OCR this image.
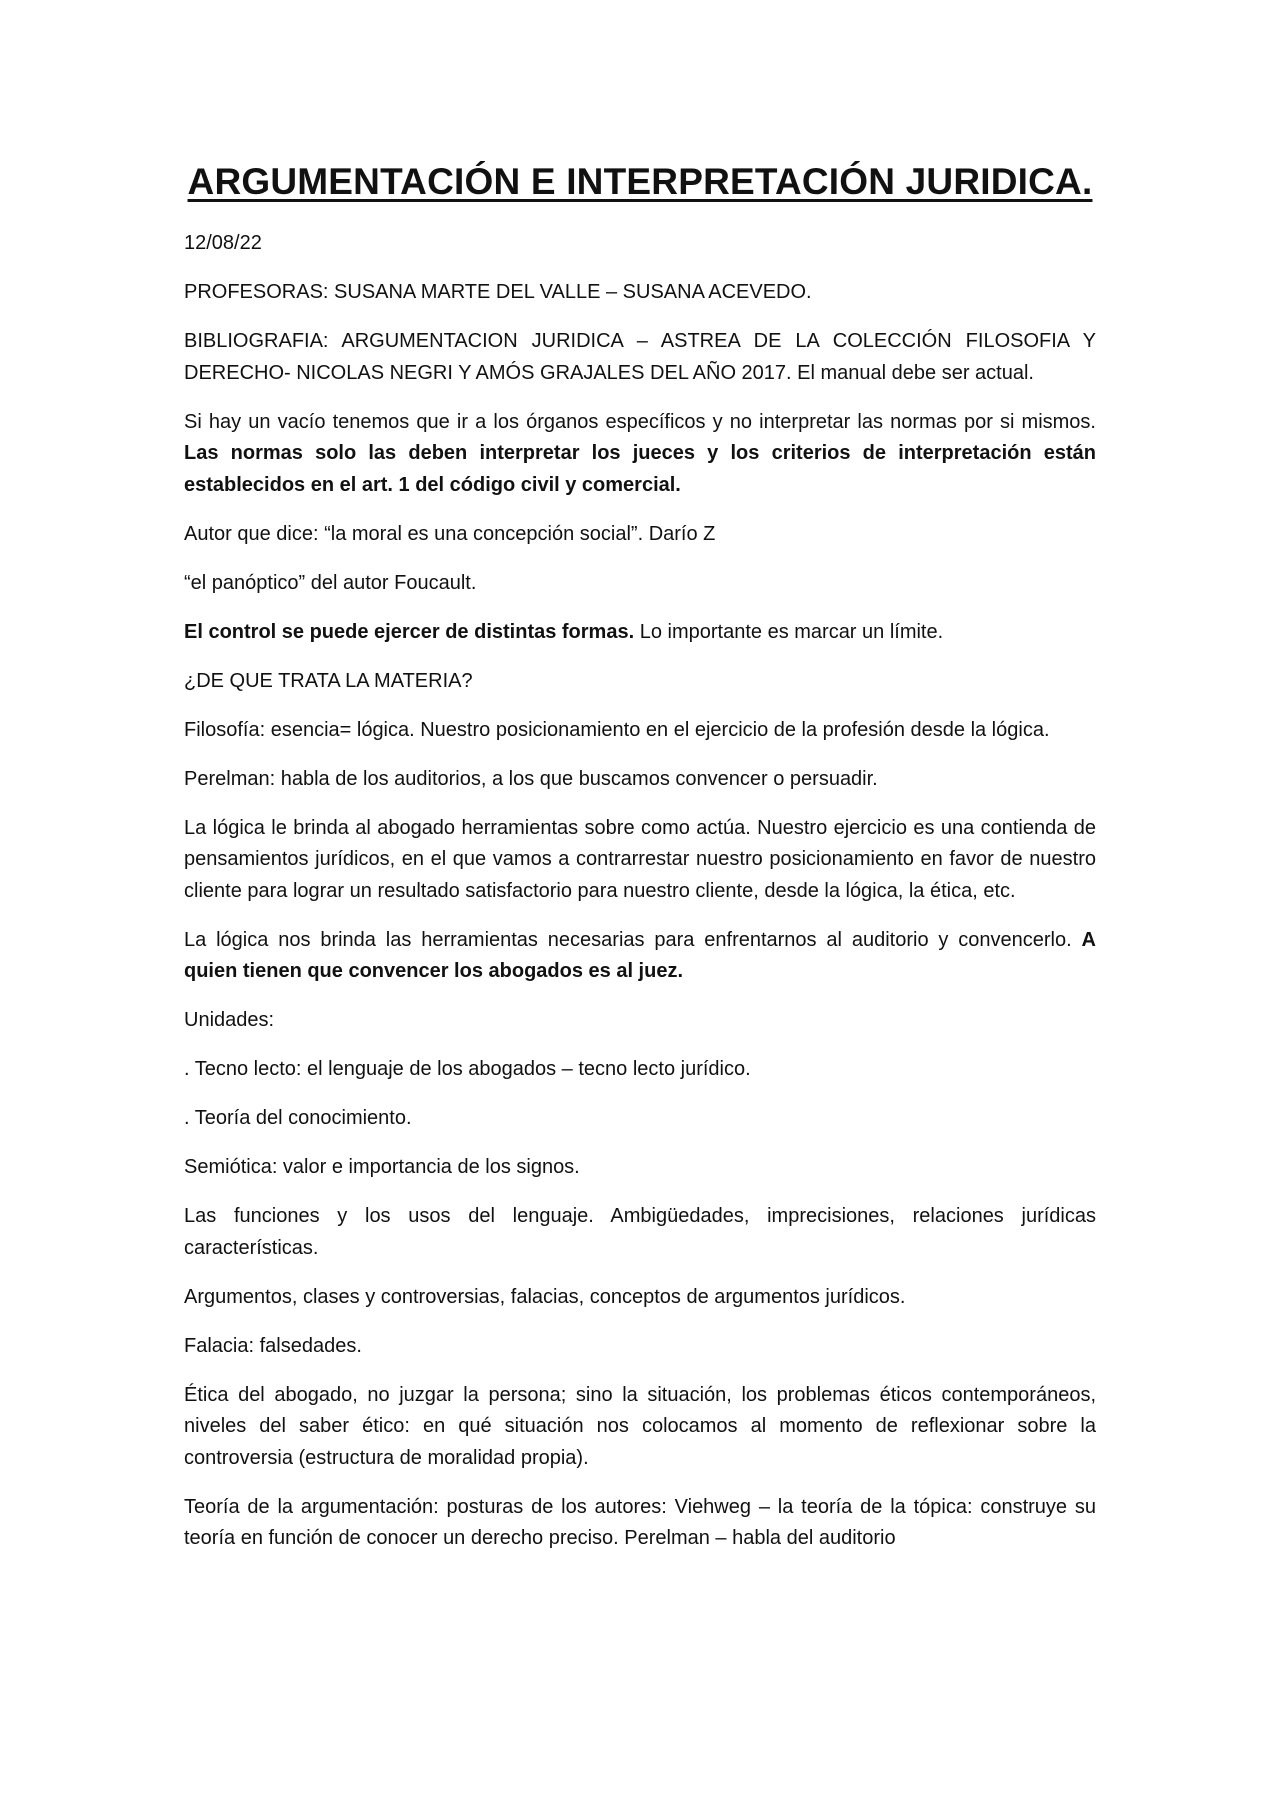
ARGUMENTACIÓN E INTERPRETACIÓN JURIDICA.

12/08/22

PROFESORAS: SUSANA MARTE DEL VALLE – SUSANA ACEVEDO.

BIBLIOGRAFIA: ARGUMENTACION JURIDICA – ASTREA DE LA COLECCIÓN FILOSOFIA Y DERECHO- NICOLAS NEGRI Y AMÓS GRAJALES DEL AÑO 2017. El manual debe ser actual.

Si hay un vacío tenemos que ir a los órganos específicos y no interpretar las normas por si mismos. Las normas solo las deben interpretar los jueces y los criterios de interpretación están establecidos en el art. 1 del código civil y comercial.

Autor que dice: “la moral es una concepción social”. Darío Z

“el panóptico” del autor Foucault.

El control se puede ejercer de distintas formas. Lo importante es marcar un límite.

¿DE QUE TRATA LA MATERIA?

Filosofía: esencia= lógica. Nuestro posicionamiento en el ejercicio de la profesión desde la lógica.

Perelman: habla de los auditorios, a los que buscamos convencer o persuadir.

La lógica le brinda al abogado herramientas sobre como actúa. Nuestro ejercicio es una contienda de pensamientos jurídicos, en el que vamos a contrarrestar nuestro posicionamiento en favor de nuestro cliente para lograr un resultado satisfactorio para nuestro cliente, desde la lógica, la ética, etc.

La lógica nos brinda las herramientas necesarias para enfrentarnos al auditorio y convencerlo. A quien tienen que convencer los abogados es al juez.

Unidades:

. Tecno lecto: el lenguaje de los abogados – tecno lecto jurídico.

. Teoría del conocimiento.

Semiótica: valor e importancia de los signos.

Las funciones y los usos del lenguaje. Ambigüedades, imprecisiones, relaciones jurídicas características.

Argumentos, clases y controversias, falacias, conceptos de argumentos jurídicos.

Falacia: falsedades.

Ética del abogado, no juzgar la persona; sino la situación, los problemas éticos contemporáneos, niveles del saber ético: en qué situación nos colocamos al momento de reflexionar sobre la controversia (estructura de moralidad propia).

Teoría de la argumentación: posturas de los autores: Viehweg – la teoría de la tópica: construye su teoría en función de conocer un derecho preciso. Perelman – habla del auditorio
